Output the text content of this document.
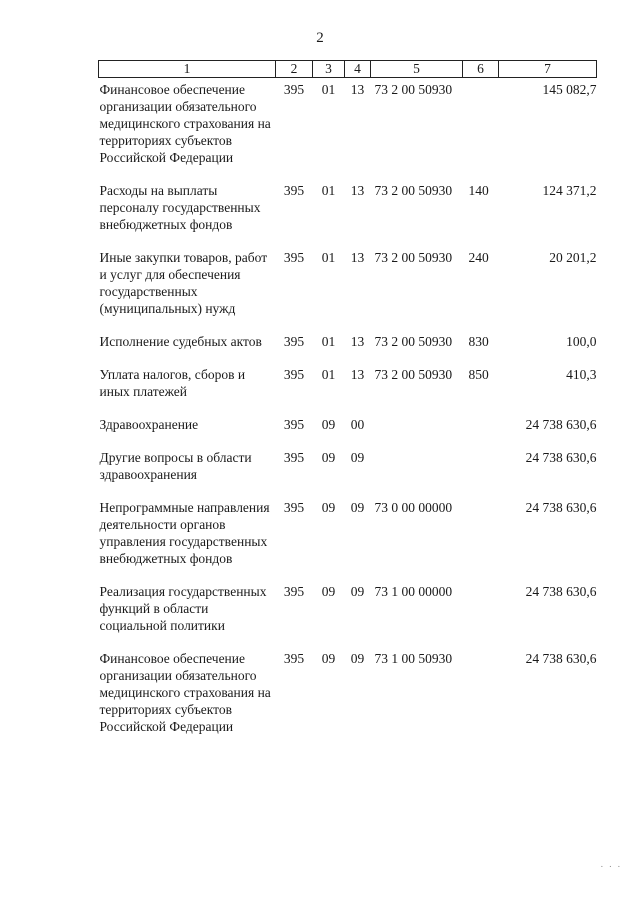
2
1	2	3	4	5	6	7
Финансовое обеспечение организации обязательного медицинского страхования на территориях субъектов Российской Федерации	395	01	13	73 2 00 50930		145 082,7
Расходы на выплаты персоналу государственных внебюджетных фондов	395	01	13	73 2 00 50930	140	124 371,2
Иные закупки товаров, работ и услуг для обеспечения государственных (муниципальных) нужд	395	01	13	73 2 00 50930	240	20 201,2
Исполнение судебных актов	395	01	13	73 2 00 50930	830	100,0
Уплата налогов, сборов и иных платежей	395	01	13	73 2 00 50930	850	410,3
Здравоохранение	395	09	00			24 738 630,6
Другие вопросы в области здравоохранения	395	09	09			24 738 630,6
Непрограммные направления деятельности органов управления государственных внебюджетных фондов	395	09	09	73 0 00 00000		24 738 630,6
Реализация государственных функций в области социальной политики	395	09	09	73 1 00 00000		24 738 630,6
Финансовое обеспечение организации обязательного медицинского страхования на территориях субъектов Российской Федерации	395	09	09	73 1 00 50930		24 738 630,6
. . .
